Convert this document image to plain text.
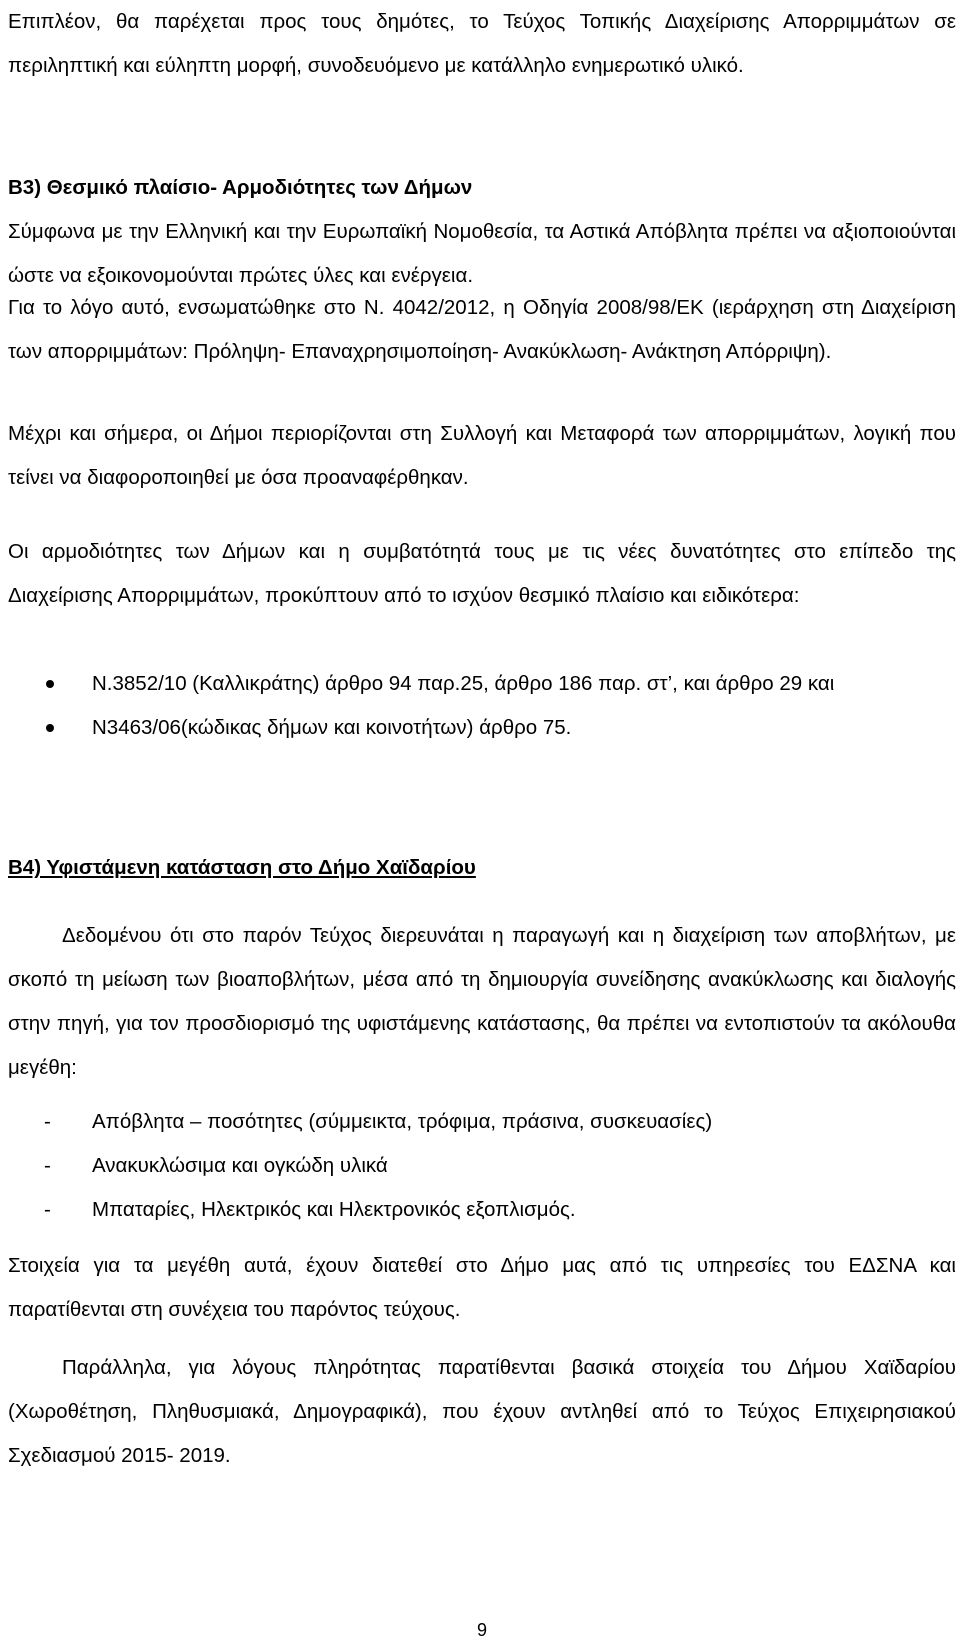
Επιπλέον, θα παρέχεται προς τους δημότες, το Τεύχος Τοπικής Διαχείρισης Απορριμμάτων σε περιληπτική και εύληπτη μορφή, συνοδευόμενο με κατάλληλο ενημερωτικό υλικό.

Β3) Θεσμικό πλαίσιο- Αρμοδιότητες των Δήμων

Σύμφωνα με την Ελληνική και την Ευρωπαϊκή Νομοθεσία, τα Αστικά Απόβλητα πρέπει να αξιοποιούνται ώστε να εξοικονομούνται πρώτες ύλες και ενέργεια.

Για το λόγο αυτό, ενσωματώθηκε στο Ν. 4042/2012, η Οδηγία 2008/98/ΕΚ (ιεράρχηση στη Διαχείριση των απορριμμάτων: Πρόληψη- Επαναχρησιμοποίηση- Ανακύκλωση- Ανάκτηση Απόρριψη).

Μέχρι και σήμερα, οι Δήμοι περιορίζονται στη Συλλογή και Μεταφορά των απορριμμάτων, λογική που τείνει να διαφοροποιηθεί με όσα προαναφέρθηκαν.

Οι αρμοδιότητες των Δήμων και η συμβατότητά τους με τις νέες δυνατότητες στο επίπεδο της Διαχείρισης Απορριμμάτων, προκύπτουν από το ισχύον θεσμικό πλαίσιο και ειδικότερα:

Ν.3852/10 (Καλλικράτης) άρθρο 94 παρ.25, άρθρο 186 παρ. στ’, και άρθρο 29 και
Ν3463/06(κώδικας δήμων και κοινοτήτων) άρθρο 75.
Β4) Υφιστάμενη κατάσταση στο Δήμο Χαϊδαρίου

Δεδομένου ότι στο παρόν Τεύχος διερευνάται η παραγωγή και η διαχείριση των αποβλήτων, με σκοπό τη μείωση των βιοαποβλήτων, μέσα από τη δημιουργία συνείδησης ανακύκλωσης και διαλογής στην πηγή, για τον προσδιορισμό της υφιστάμενης κατάστασης, θα πρέπει να εντοπιστούν τα ακόλουθα μεγέθη:

- Απόβλητα – ποσότητες (σύμμεικτα, τρόφιμα, πράσινα, συσκευασίες)
- Ανακυκλώσιμα και ογκώδη υλικά
- Μπαταρίες, Ηλεκτρικός και Ηλεκτρονικός εξοπλισμός.

Στοιχεία για τα μεγέθη αυτά, έχουν διατεθεί στο Δήμο μας από τις υπηρεσίες του ΕΔΣΝΑ και παρατίθενται στη συνέχεια του παρόντος τεύχους.

Παράλληλα, για λόγους πληρότητας παρατίθενται βασικά στοιχεία του Δήμου Χαϊδαρίου (Χωροθέτηση, Πληθυσμιακά, Δημογραφικά), που έχουν αντληθεί από το Τεύχος Επιχειρησιακού Σχεδιασμού 2015- 2019.

9
